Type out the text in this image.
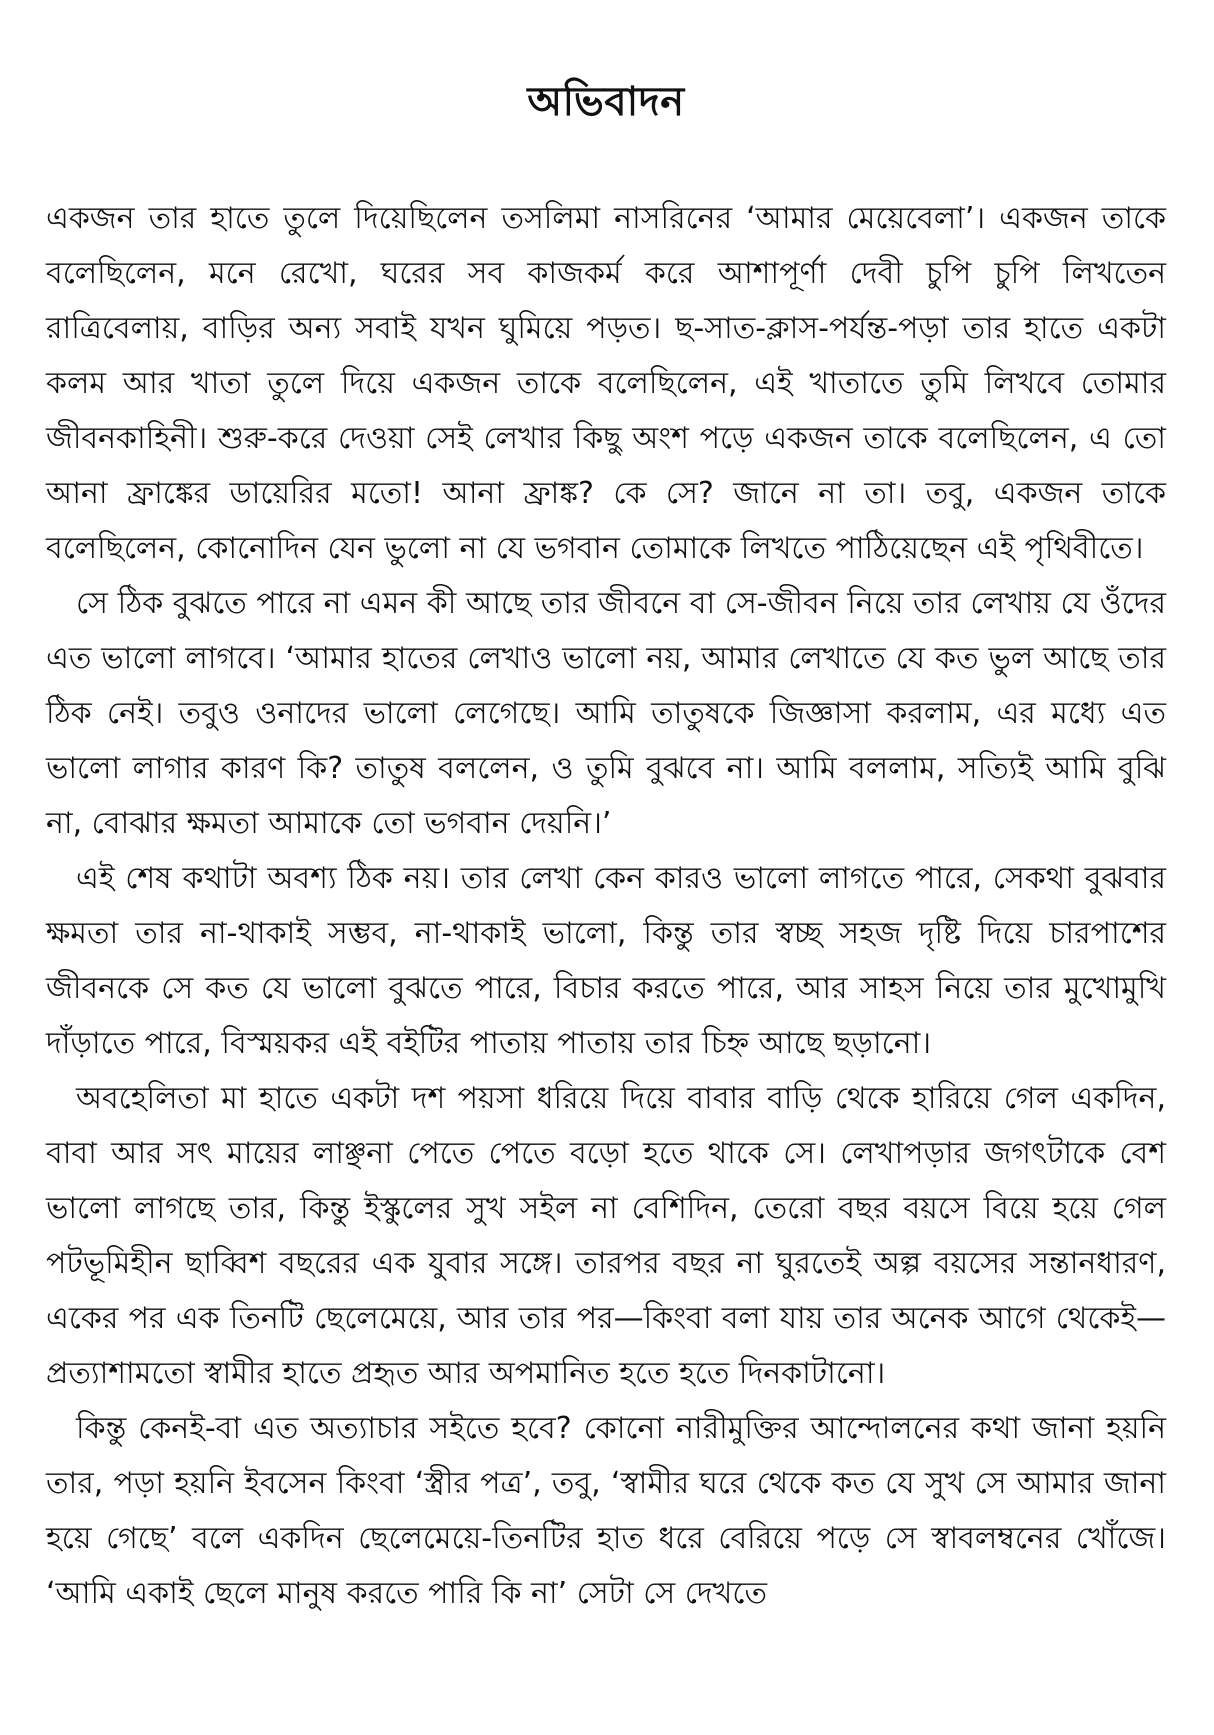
অভিবাদন

একজন তার হাতে তুলে দিয়েছিলেন তসলিমা নাসরিনের ‘আমার মেয়েবেলা’। একজন তাকে বলেছিলেন, মনে রেখো, ঘরের সব কাজকর্ম করে আশাপূর্ণা দেবী চুপি চুপি লিখতেন রাত্রিবেলায়, বাড়ির অন্য সবাই যখন ঘুমিয়ে পড়ত। ছ-সাত-ক্লাস-পর্যন্ত-পড়া তার হাতে একটা কলম আর খাতা তুলে দিয়ে একজন তাকে বলেছিলেন, এই খাতাতে তুমি লিখবে তোমার জীবনকাহিনী। শুরু-করে দেওয়া সেই লেখার কিছু অংশ পড়ে একজন তাকে বলেছিলেন, এ তো আনা ফ্রাঙ্কের ডায়েরির মতো! আনা ফ্রাঙ্ক? কে সে? জানে না তা। তবু, একজন তাকে বলেছিলেন, কোনোদিন যেন ভুলো না যে ভগবান তোমাকে লিখতে পাঠিয়েছেন এই পৃথিবীতে।

সে ঠিক বুঝতে পারে না এমন কী আছে তার জীবনে বা সে-জীবন নিয়ে তার লেখায় যে ওঁদের এত ভালো লাগবে। ‘আমার হাতের লেখাও ভালো নয়, আমার লেখাতে যে কত ভুল আছে তার ঠিক নেই। তবুও ওনাদের ভালো লেগেছে। আমি তাতুষকে জিজ্ঞাসা করলাম, এর মধ্যে এত ভালো লাগার কারণ কি? তাতুষ বললেন, ও তুমি বুঝবে না। আমি বললাম, সত্যিই আমি বুঝি না, বোঝার ক্ষমতা আমাকে তো ভগবান দেয়নি।’

এই শেষ কথাটা অবশ্য ঠিক নয়। তার লেখা কেন কারও ভালো লাগতে পারে, সেকথা বুঝবার ক্ষমতা তার না-থাকাই সম্ভব, না-থাকাই ভালো, কিন্তু তার স্বচ্ছ সহজ দৃষ্টি দিয়ে চারপাশের জীবনকে সে কত যে ভালো বুঝতে পারে, বিচার করতে পারে, আর সাহস নিয়ে তার মুখোমুখি দাঁড়াতে পারে, বিস্ময়কর এই বইটির পাতায় পাতায় তার চিহ্ন আছে ছড়ানো।

অবহেলিতা মা হাতে একটা দশ পয়সা ধরিয়ে দিয়ে বাবার বাড়ি থেকে হারিয়ে গেল একদিন, বাবা আর সৎ মায়ের লাঞ্ছনা পেতে পেতে বড়ো হতে থাকে সে। লেখাপড়ার জগৎটাকে বেশ ভালো লাগছে তার, কিন্তু ইস্কুলের সুখ সইল না বেশিদিন, তেরো বছর বয়সে বিয়ে হয়ে গেল পটভূমিহীন ছাব্বিশ বছরের এক যুবার সঙ্গে। তারপর বছর না ঘুরতেই অল্প বয়সের সন্তানধারণ, একের পর এক তিনটি ছেলেমেয়ে, আর তার পর—কিংবা বলা যায় তার অনেক আগে থেকেই—প্রত্যাশামতো স্বামীর হাতে প্রহৃত আর অপমানিত হতে হতে দিনকাটানো।

কিন্তু কেনই-বা এত অত্যাচার সইতে হবে? কোনো নারীমুক্তির আন্দোলনের কথা জানা হয়নি তার, পড়া হয়নি ইবসেন কিংবা ‘স্ত্রীর পত্র’, তবু, ‘স্বামীর ঘরে থেকে কত যে সুখ সে আমার জানা হয়ে গেছে’ বলে একদিন ছেলেমেয়ে-তিনটির হাত ধরে বেরিয়ে পড়ে সে স্বাবলম্বনের খোঁজে। ‘আমি একাই ছেলে মানুষ করতে পারি কি না’ সেটা সে দেখতে
